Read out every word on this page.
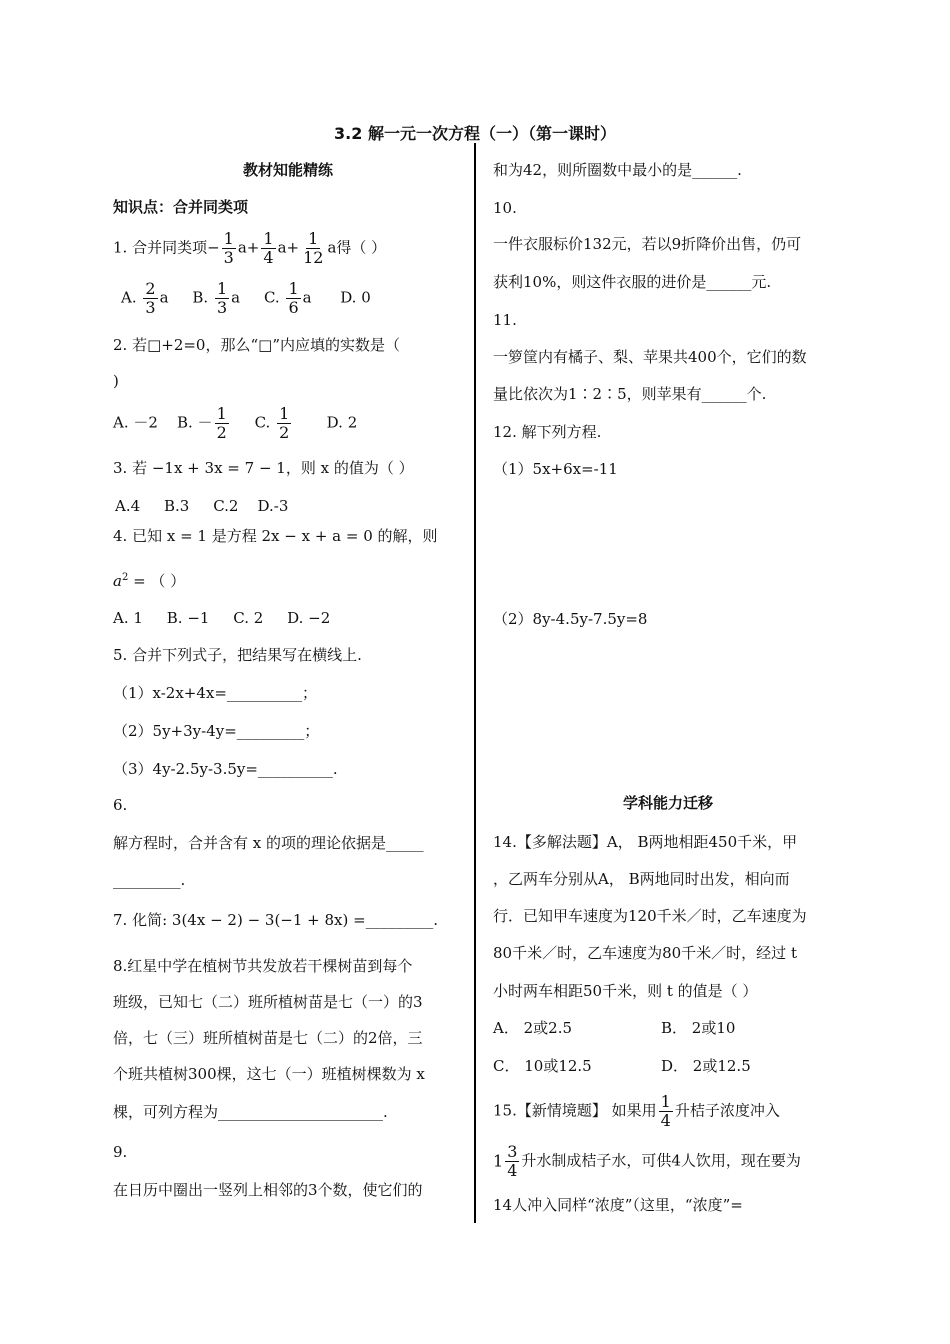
3.2 解一元一次方程（一）（第一课时）
教材知能精练
知识点：合并同类项
1. 合并同类项− $\frac{1}{3} a+ \frac{1}{4} a+ \frac{1}{12}$ a得（ ）
A. $\frac{2}{3}$ a B. $\frac{1}{3}$ a C. $\frac{1}{6}$ a D. 0
2. 若□+2=0，那么“□”内应填的实数是（
)
A. －2 B. － $\frac{1}{2} C$. $\frac{1}{2} D$. 2
3. 若 −1x + 3x = 7 − 1，则 x 的值为（ ）
A.4 B.3 C.2 D.-3
4. 已知 x = 1 是方程 2x − x + a = 0 的解，则
$a^2$ = （ ）
A. 1 B. −1 C. 2 D. −2
5. 合并下列式子，把结果写在横线上.
（1）x-2x+4x=__________；
（2）5y+3y-4y=_________；
（3）4y-2.5y-3.5y=__________.
6.
解方程时，合并含有 x 的项的理论依据是_____
_________.
7. 化简: 3(4x − 2) − 3(−1 + 8x) =_________.
8.红星中学在植树节共发放若干棵树苗到每个
班级，已知七（二）班所植树苗是七（一）的3
倍，七（三）班所植树苗是七（二）的2倍，三
个班共植树300棵，这七（一）班植树棵数为 x
棵，可列方程为______________________.
9.
在日历中圈出一竖列上相邻的3个数，使它们的
和为42，则所圈数中最小的是______.
10.
一件衣服标价132元，若以9折降价出售，仍可
获利10%，则这件衣服的进价是______元.
11.
一箩筐内有橘子、梨、苹果共400个，它们的数
量比依次为1∶2∶5，则苹果有______个.
12. 解下列方程.
（1）5x+6x=-11
（2）8y-4.5y-7.5y=8
学科能力迁移
14.【多解法题】A， B两地相距450千米，甲
，乙两车分别从A， B两地同时出发，相向而
行．已知甲车速度为120千米／时，乙车速度为
80千米／时，乙车速度为80千米／时，经过 t
小时两车相距50千米，则 t 的值是（ ）
A． 2或2.5	B． 2或10
C． 10或12.5	D． 2或12.5
15.【新情境题】 如果用 $\frac{1}{4}$ 升桔子浓度冲入
$1 \frac{3}{4}$ 升水制成桔子水，可供4人饮用，现在要为
14人冲入同样“浓度”（这里，“浓度”=
